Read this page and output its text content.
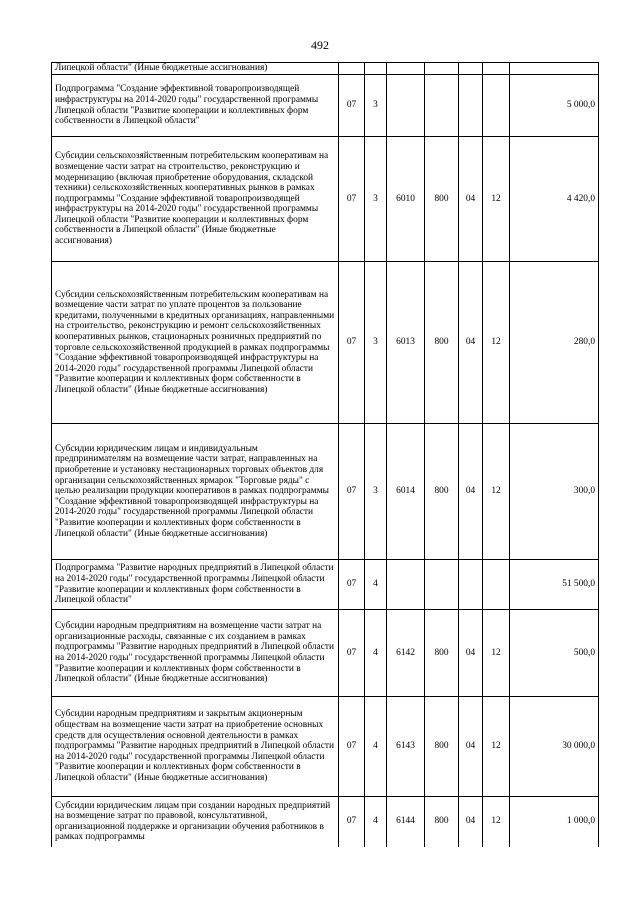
492
Липецкой области" (Иные бюджетные ассигнования)							
Подпрограмма "Создание эффективной товаропроизводящей инфраструктуры на 2014-2020 годы" государственной программы Липецкой области "Развитие кооперации и коллективных форм собственности в Липецкой области"	07	3					5 000,0
Субсидии сельскохозяйственным потребительским кооперативам на возмещение части затрат на строительство, реконструкцию и модернизацию (включая приобретение оборудования, складской техники) сельскохозяйственных кооперативных рынков в рамках подпрограммы "Создание эффективной товаропроизводящей инфраструктуры на 2014-2020 годы" государственной программы Липецкой области "Развитие кооперации и коллективных форм собственности в Липецкой области" (Иные бюджетные ассигнования)	07	3	6010	800	04	12	4 420,0
Субсидии сельскохозяйственным потребительским кооперативам на возмещение части затрат по уплате процентов за пользование кредитами, полученными в кредитных организациях, направленными на строительство, реконструкцию и ремонт сельскохозяйственных кооперативных рынков, стационарных розничных предприятий по торговле сельскохозяйственной продукцией в рамках подпрограммы "Создание эффективной товаропроизводящей инфраструктуры на 2014-2020 годы" государственной программы Липецкой области "Развитие кооперации и коллективных форм собственности в Липецкой области" (Иные бюджетные ассигнования)	07	3	6013	800	04	12	280,0
Субсидии юридическим лицам и индивидуальным предпринимателям на возмещение части затрат, направленных на приобретение и установку нестационарных торговых объектов для организации сельскохозяйственных ярмарок "Торговые ряды" с целью реализации продукции кооперативов в рамках подпрограммы "Создание эффективной товаропроизводящей инфраструктуры на 2014-2020 годы" государственной программы Липецкой области "Развитие кооперации и коллективных форм собственности в Липецкой области" (Иные бюджетные ассигнования)	07	3	6014	800	04	12	300,0
Подпрограмма "Развитие народных предприятий в Липецкой области на 2014-2020 годы" государственной программы Липецкой области "Развитие кооперации и коллективных форм собственности в Липецкой области"	07	4					51 500,0
Субсидии народным предприятиям на возмещение части затрат на организационные расходы, связанные с их созданием в рамках подпрограммы "Развитие народных предприятий в Липецкой области на 2014-2020 годы" государственной программы Липецкой области "Развитие кооперации и коллективных форм собственности в Липецкой области" (Иные бюджетные ассигнования)	07	4	6142	800	04	12	500,0
Субсидии народным предприятиям и закрытым акционерным обществам на возмещение части затрат на приобретение основных средств для осуществления основной деятельности в рамках подпрограммы "Развитие народных предприятий в Липецкой области на 2014-2020 годы" государственной программы Липецкой области "Развитие кооперации и коллективных форм собственности в Липецкой области" (Иные бюджетные ассигнования)	07	4	6143	800	04	12	30 000,0
Субсидии юридическим лицам при создании народных предприятий на возмещение затрат по правовой, консультативной, организационной поддержке и организации обучения работников в рамках подпрограммы	07	4	6144	800	04	12	1 000,0
